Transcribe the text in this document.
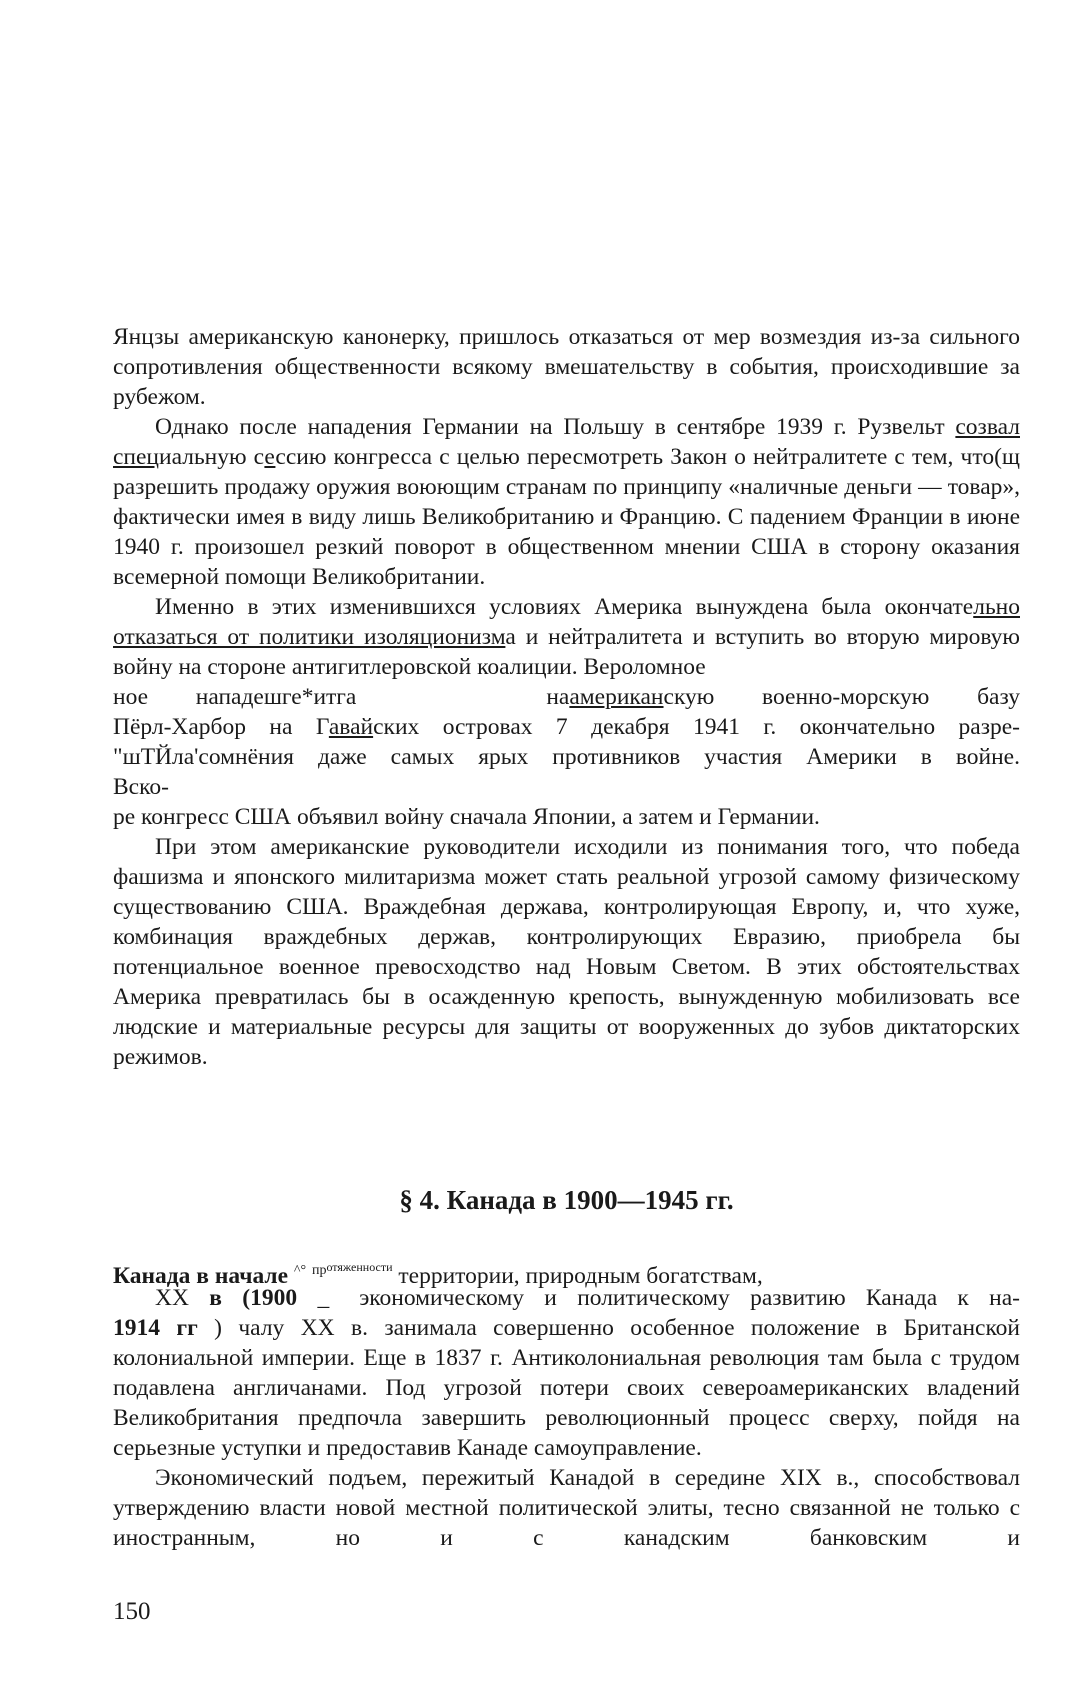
Янцзы американскую канонерку, пришлось отказаться от мер возмездия из-за сильного сопротивления общественности всякому вмешательству в события, происходившие за рубежом.

Однако после нападения Германии на Польшу в сентябре 1939 г. Рузвельт созвал специальную сессию конгресса с целью пересмотреть Закон о нейтралитете с тем, что(щ разрешить продажу оружия воюющим странам по принципу «наличные деньги — товар», фактически имея в виду лишь Великобританию и Францию. С падением Франции в июне 1940 г. произошел резкий поворот в общественном мнении США в сторону оказания всемерной помощи Великобритании.

Именно в этих изменившихся условиях Америка вынуждена была окончательно отказаться от политики изоляционизма и нейтралитета и вступить во вторую мировую войну на стороне антигитлеровской коалиции. Вероломное

ное нападешге*итга	наамериканскую военно-морскую базу
Пёрл-Харбор на Гавайских островах 7 декабря 1941 г. окончательно разре-
"шТЙла'сомнёния даже самых ярых противников участия Америки в войне.

Вско-

ре конгресс США объявил войну сначала Японии, а затем и Германии.

При этом американские руководители исходили из понимания того, что победа фашизма и японского милитаризма может стать реальной угрозой самому физическому существованию США. Враждебная держава, контролирующая Европу, и, что хуже, комбинация враждебных держав, контролирующих Евразию, приобрела бы потенциальное военное превосходство над Новым Светом. В этих обстоятельствах Америка превратилась бы в осажденную крепость, вынужденную мобилизовать все людские и материальные ресурсы для защиты от вооруженных до зубов диктаторских режимов.

§ 4. Канада в 1900—1945 гг.
Канада в начале ^° $^{протяженности}$ территории, природным богатствам,
XX в (1900 _ экономическому и политическому развитию Канада к на-

1914 гг ) чалу XX в. занимала совершенно особенное положение в Британской колониальной империи. Еще в 1837 г. Антиколониальная революция там была с трудом подавлена англичанами. Под угрозой потери своих североамериканских владений Великобритания предпочла завершить революционный процесс сверху, пойдя на серьезные уступки и предоставив Канаде самоуправление.

Экономический подъем, пережитый Канадой в середине XIX в., способствовал утверждению власти новой местной политической элиты, тесно связанной не только с иностранным, но и с канадским банковским и

150
